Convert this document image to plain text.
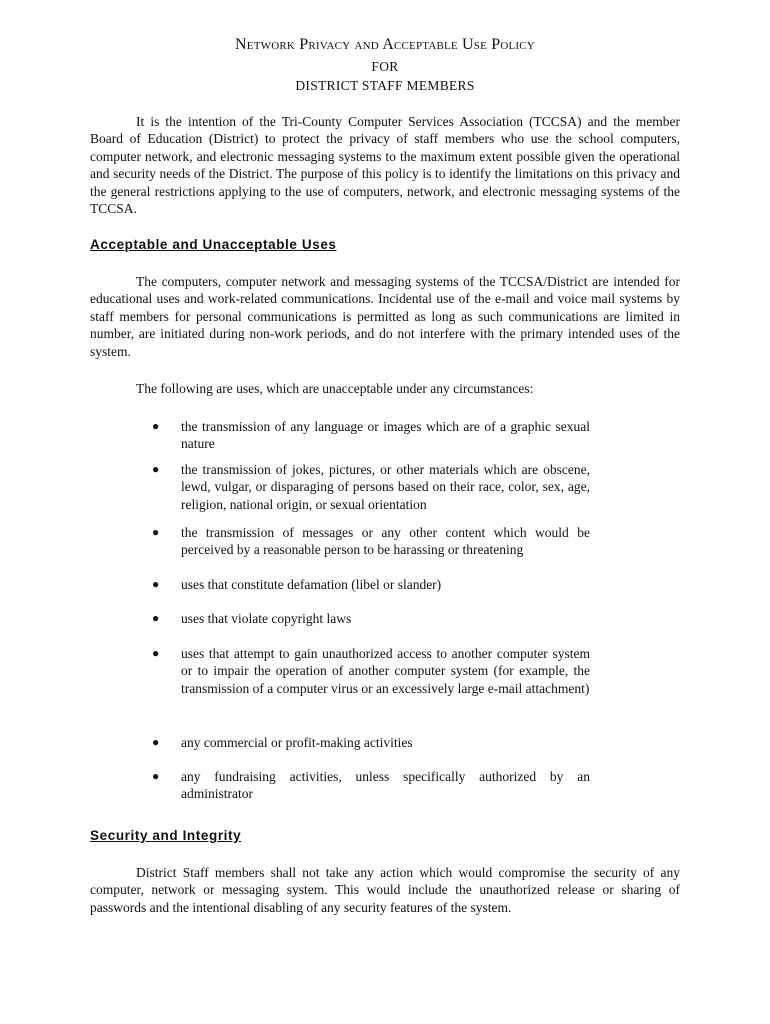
Network Privacy and Acceptable Use Policy
FOR
DISTRICT STAFF MEMBERS

It is the intention of the Tri-County Computer Services Association (TCCSA) and the member Board of Education (District) to protect the privacy of staff members who use the school computers, computer network, and electronic messaging systems to the maximum extent possible given the operational and security needs of the District. The purpose of this policy is to identify the limitations on this privacy and the general restrictions applying to the use of computers, network, and electronic messaging systems of the TCCSA.

Acceptable and Unacceptable Uses

The computers, computer network and messaging systems of the TCCSA/District are intended for educational uses and work-related communications. Incidental use of the e-mail and voice mail systems by staff members for personal communications is permitted as long as such communications are limited in number, are initiated during non-work periods, and do not interfere with the primary intended uses of the system.

The following are uses, which are unacceptable under any circumstances:
●	the transmission of any language or images which are of a graphic sexual nature
●	the transmission of jokes, pictures, or other materials which are obscene, lewd, vulgar, or disparaging of persons based on their race, color, sex, age, religion, national origin, or sexual orientation
●	the transmission of messages or any other content which would be perceived by a reasonable person to be harassing or threatening
●	uses that constitute defamation (libel or slander)
●	uses that violate copyright laws
●	uses that attempt to gain unauthorized access to another computer system or to impair the operation of another computer system (for example, the transmission of a computer virus or an excessively large e-mail attachment)
●	any commercial or profit-making activities
●	any fundraising activities, unless specifically authorized by an administrator
Security and Integrity

District Staff members shall not take any action which would compromise the security of any computer, network or messaging system. This would include the unauthorized release or sharing of passwords and the intentional disabling of any security features of the system.
